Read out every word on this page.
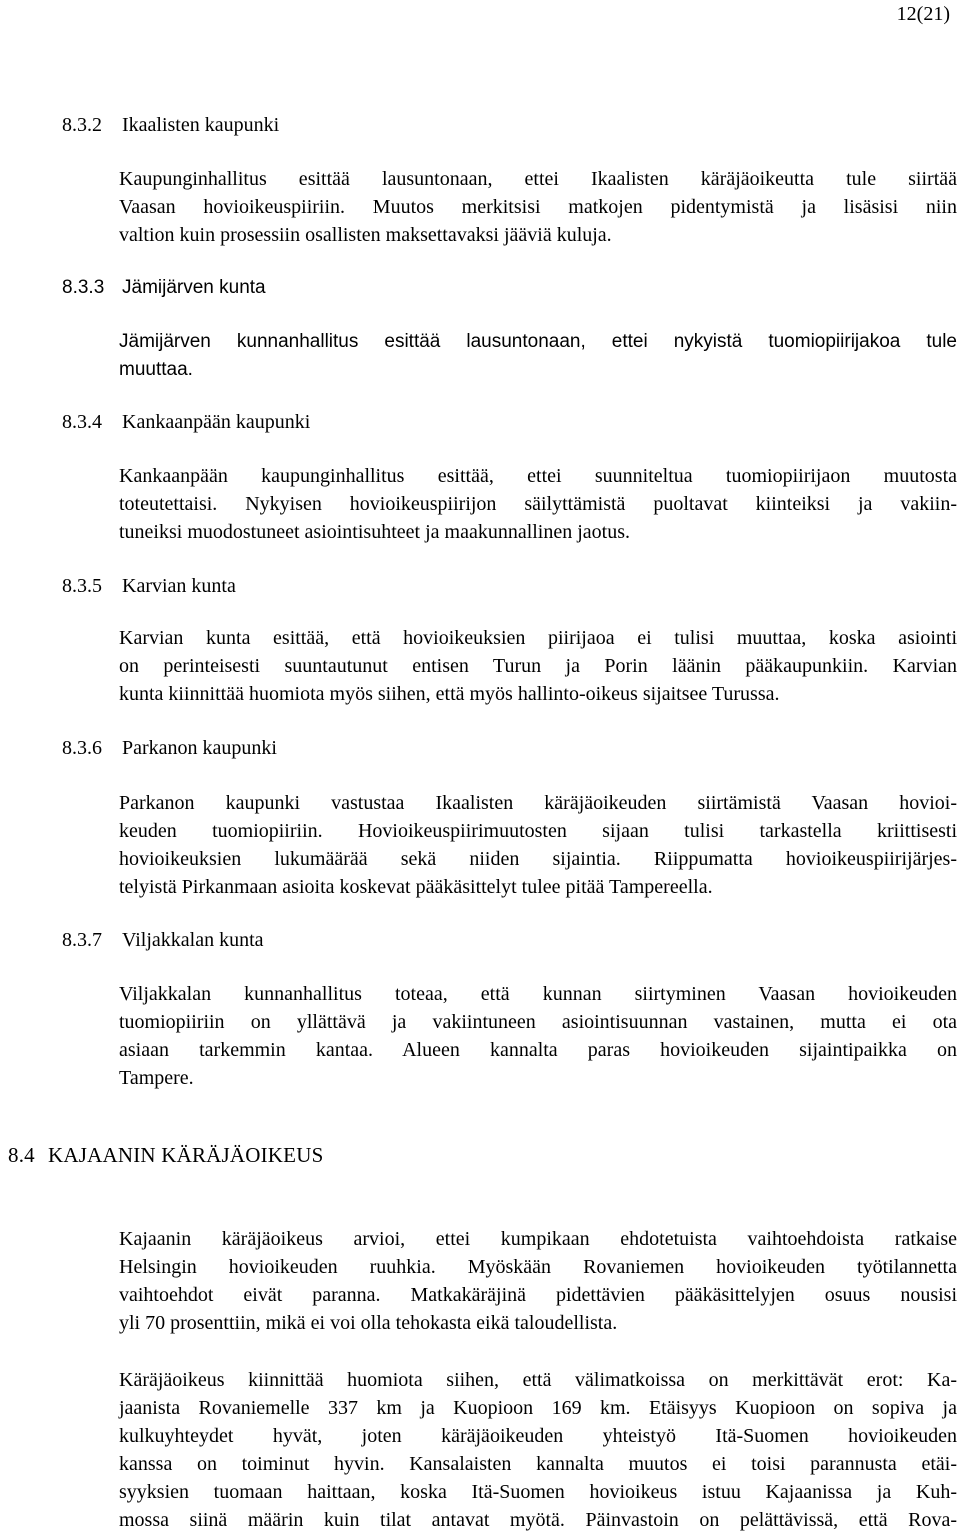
12(21)
8.3.2 Ikaalisten kaupunki
Kaupunginhallitus esittää lausuntonaan, ettei Ikaalisten käräjäoikeutta tule siirtää
Vaasan hovioikeuspiiriin. Muutos merkitsisi matkojen pidentymistä ja lisäsisi niin
valtion kuin prosessiin osallisten maksettavaksi jääviä kuluja.
8.3.3 Jämijärven kunta
Jämijärven kunnanhallitus esittää lausuntonaan, ettei nykyistä tuomiopiirijakoa tule
muuttaa.
8.3.4 Kankaanpään kaupunki
Kankaanpään kaupunginhallitus esittää, ettei suunniteltua tuomiopiirijaon muutosta
toteutettaisi. Nykyisen hovioikeuspiirijon säilyttämistä puoltavat kiinteiksi ja vakiin-
tuneiksi muodostuneet asiointisuhteet ja maakunnallinen jaotus.
8.3.5 Karvian kunta
Karvian kunta esittää, että hovioikeuksien piirijaoa ei tulisi muuttaa, koska asiointi
on perinteisesti suuntautunut entisen Turun ja Porin läänin pääkaupunkiin. Karvian
kunta kiinnittää huomiota myös siihen, että myös hallinto-oikeus sijaitsee Turussa.
8.3.6 Parkanon kaupunki
Parkanon kaupunki vastustaa Ikaalisten käräjäoikeuden siirtämistä Vaasan hovioi-
keuden tuomiopiiriin. Hovioikeuspiirimuutosten sijaan tulisi tarkastella kriittisesti
hovioikeuksien lukumäärää sekä niiden sijaintia. Riippumatta hovioikeuspiirijärjes-
telyistä Pirkanmaan asioita koskevat pääkäsittelyt tulee pitää Tampereella.
8.3.7 Viljakkalan kunta
Viljakkalan kunnanhallitus toteaa, että kunnan siirtyminen Vaasan hovioikeuden
tuomiopiiriin on yllättävä ja vakiintuneen asiointisuunnan vastainen, mutta ei ota
asiaan tarkemmin kantaa. Alueen kannalta paras hovioikeuden sijaintipaikka on
Tampere.
8.4 KAJAANIN KÄRÄJÄOIKEUS
Kajaanin käräjäoikeus arvioi, ettei kumpikaan ehdotetuista vaihtoehdoista ratkaise
Helsingin hovioikeuden ruuhkia. Myöskään Rovaniemen hovioikeuden työtilannetta
vaihtoehdot eivät paranna. Matkakäräjinä pidettävien pääkäsittelyjen osuus nousisi
yli 70 prosenttiin, mikä ei voi olla tehokasta eikä taloudellista.
Käräjäoikeus kiinnittää huomiota siihen, että välimatkoissa on merkittävät erot: Ka-
jaanista Rovaniemelle 337 km ja Kuopioon 169 km. Etäisyys Kuopioon on sopiva ja
kulkuyhteydet hyvät, joten käräjäoikeuden yhteistyö Itä-Suomen hovioikeuden
kanssa on toiminut hyvin. Kansalaisten kannalta muutos ei toisi parannusta etäi-
syyksien tuomaan haittaan, koska Itä-Suomen hovioikeus istuu Kajaanissa ja Kuh-
mossa siinä määrin kuin tilat antavat myötä. Päinvastoin on pelättävissä, että Rova-
